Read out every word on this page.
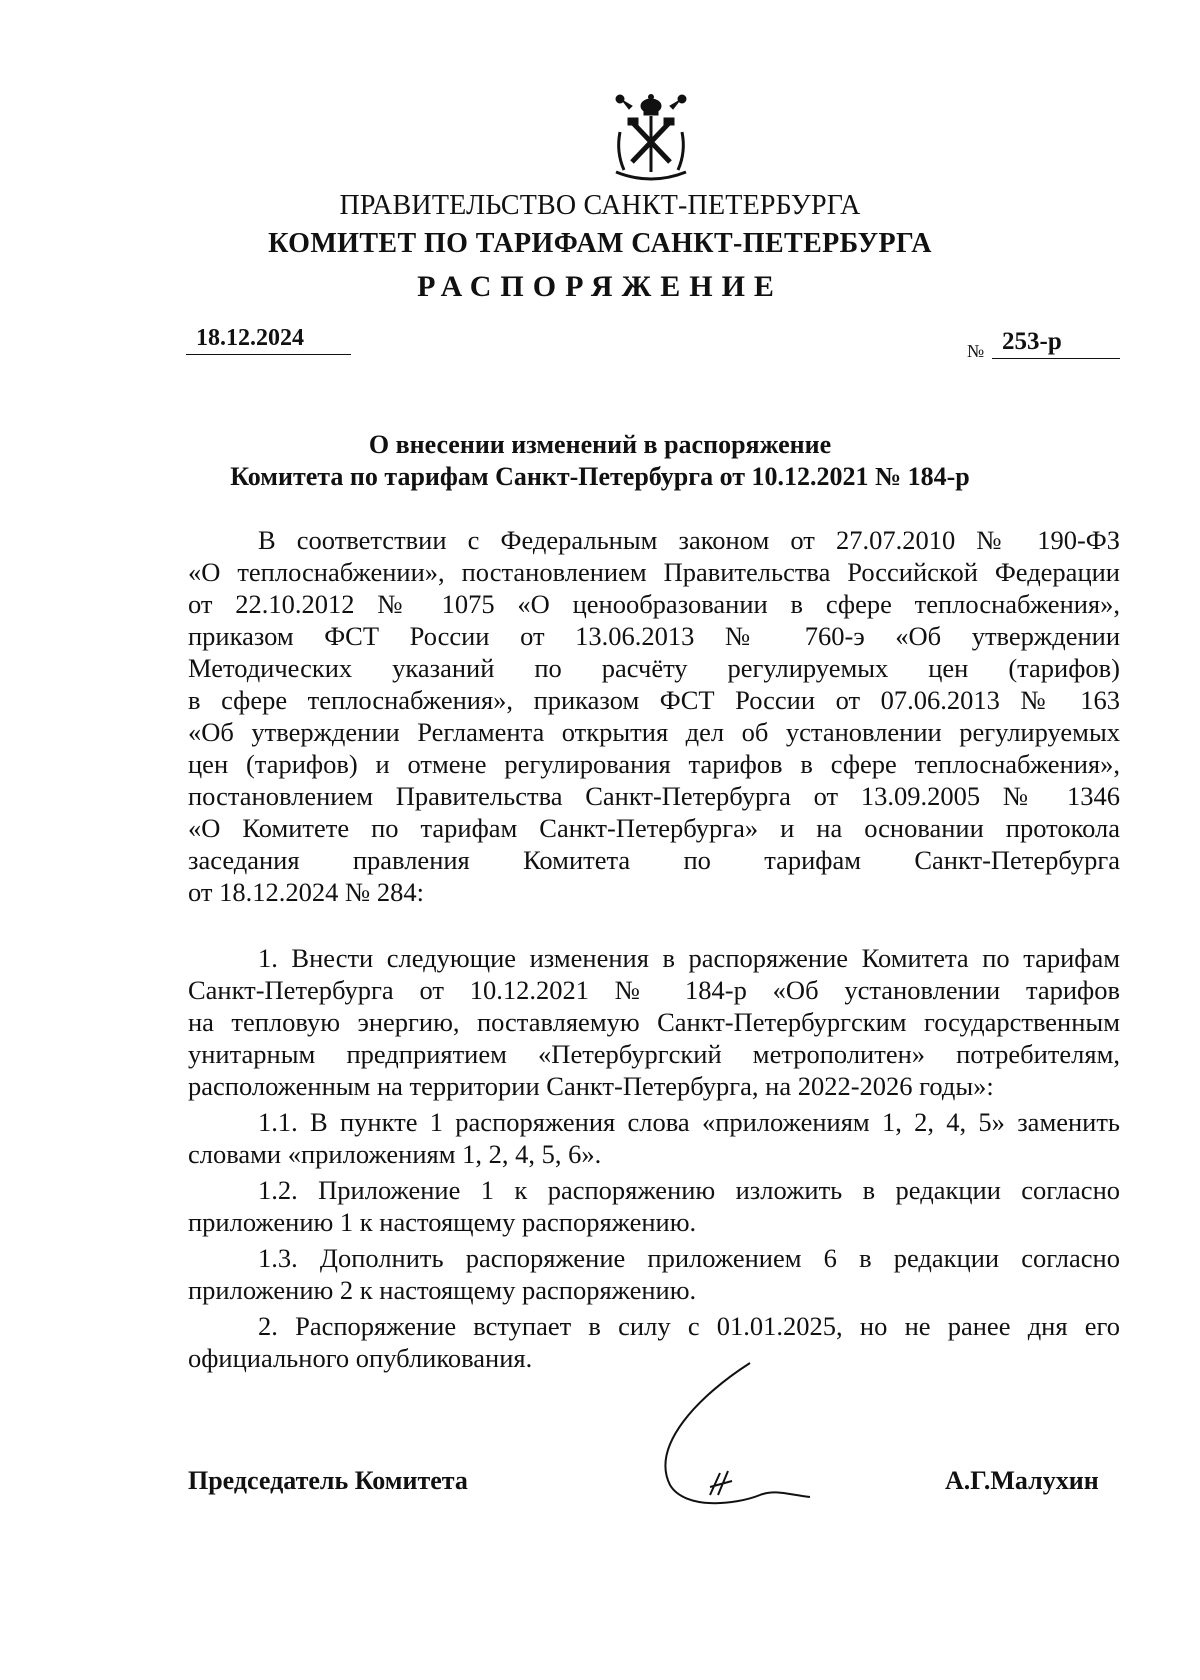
ПРАВИТЕЛЬСТВО САНКТ-ПЕТЕРБУРГА
КОМИТЕТ ПО ТАРИФАМ САНКТ-ПЕТЕРБУРГА
РАСПОРЯЖЕНИЕ
18.12.2024	№ 253-р
О внесении изменений в распоряжение
Комитета по тарифам Санкт-Петербурга от 10.12.2021 № 184-р
В соответствии с Федеральным законом от 27.07.2010 № 190-ФЗ
«О теплоснабжении», постановлением Правительства Российской Федерации
от 22.10.2012 № 1075 «О ценообразовании в сфере теплоснабжения»,
приказом ФСТ России от 13.06.2013 № 760-э «Об утверждении
Методических указаний по расчёту регулируемых цен (тарифов)
в сфере теплоснабжения», приказом ФСТ России от 07.06.2013 № 163
«Об утверждении Регламента открытия дел об установлении регулируемых
цен (тарифов) и отмене регулирования тарифов в сфере теплоснабжения»,
постановлением Правительства Санкт-Петербурга от 13.09.2005 № 1346
«О Комитете по тарифам Санкт-Петербурга» и на основании протокола
заседания правления Комитета по тарифам Санкт-Петербурга
от 18.12.2024 № 284:
1. Внести следующие изменения в распоряжение Комитета по тарифам
Санкт-Петербурга от 10.12.2021 № 184-р «Об установлении тарифов
на тепловую энергию, поставляемую Санкт-Петербургским государственным
унитарным предприятием «Петербургский метрополитен» потребителям,
расположенным на территории Санкт-Петербурга, на 2022-2026 годы»:
1.1. В пункте 1 распоряжения слова «приложениям 1, 2, 4, 5» заменить
словами «приложениям 1, 2, 4, 5, 6».
1.2. Приложение 1 к распоряжению изложить в редакции согласно
приложению 1 к настоящему распоряжению.
1.3. Дополнить распоряжение приложением 6 в редакции согласно
приложению 2 к настоящему распоряжению.
2. Распоряжение вступает в силу с 01.01.2025, но не ранее дня его
официального опубликования.
Председатель Комитета	А.Г.Малухин
